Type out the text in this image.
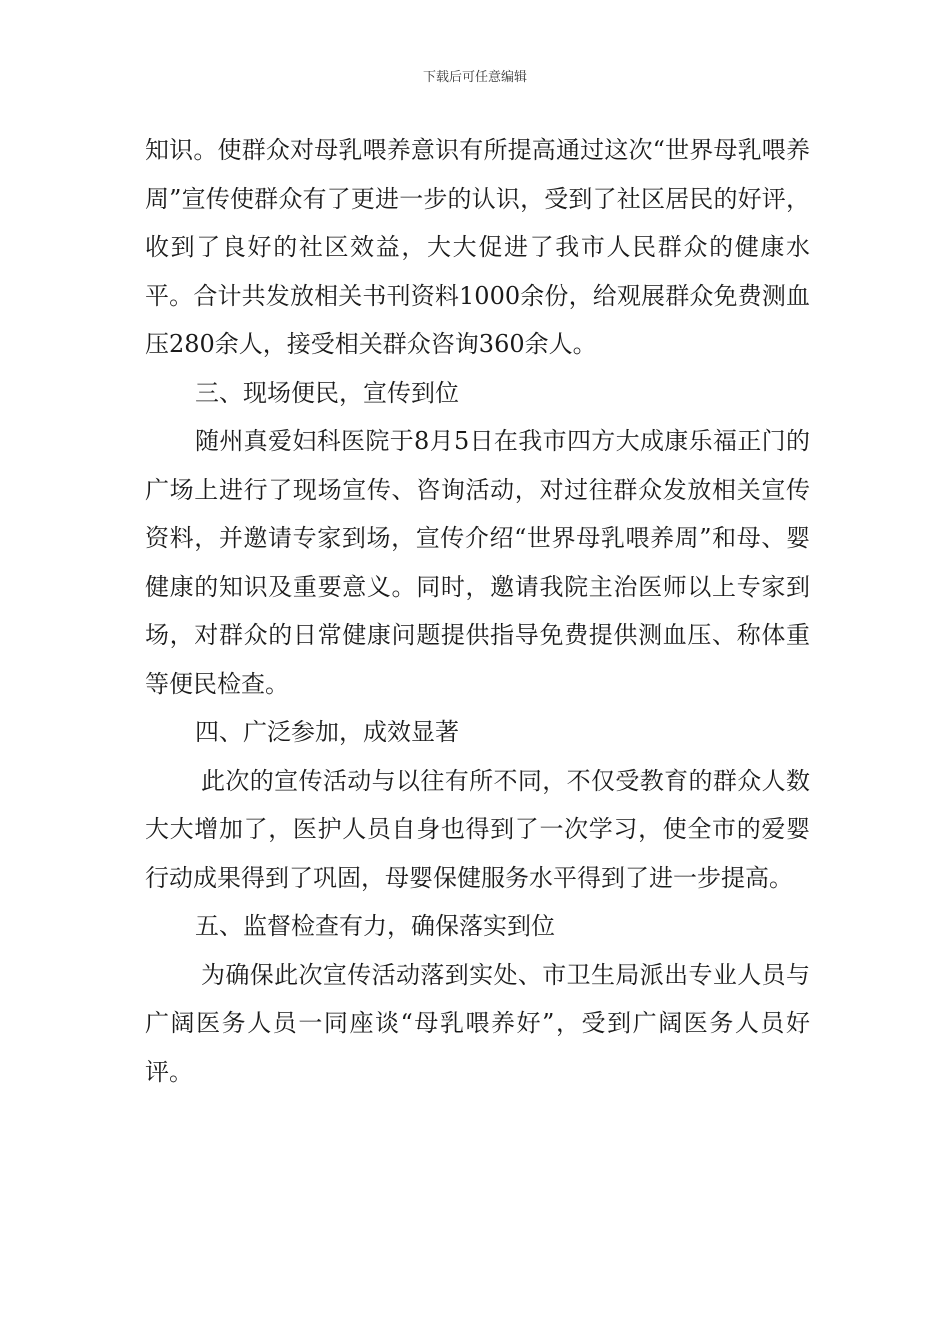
下载后可任意编辑

知识。使群众对母乳喂养意识有所提高通过这次“世界母乳喂养周”宣传使群众有了更进一步的认识，受到了社区居民的好评，收到了良好的社区效益，大大促进了我市人民群众的健康水平。合计共发放相关书刊资料1000余份，给观展群众免费测血压280余人，接受相关群众咨询360余人。

三、现场便民，宣传到位

随州真爱妇科医院于8月5日在我市四方大成康乐福正门的广场上进行了现场宣传、咨询活动，对过往群众发放相关宣传资料，并邀请专家到场，宣传介绍“世界母乳喂养周”和母、婴健康的知识及重要意义。同时，邀请我院主治医师以上专家到场，对群众的日常健康问题提供指导免费提供测血压、称体重等便民检查。

四、广泛参加，成效显著

此次的宣传活动与以往有所不同，不仅受教育的群众人数大大增加了，医护人员自身也得到了一次学习，使全市的爱婴行动成果得到了巩固，母婴保健服务水平得到了进一步提高。

五、监督检查有力，确保落实到位

为确保此次宣传活动落到实处、市卫生局派出专业人员与广阔医务人员一同座谈“母乳喂养好”，受到广阔医务人员好评。
